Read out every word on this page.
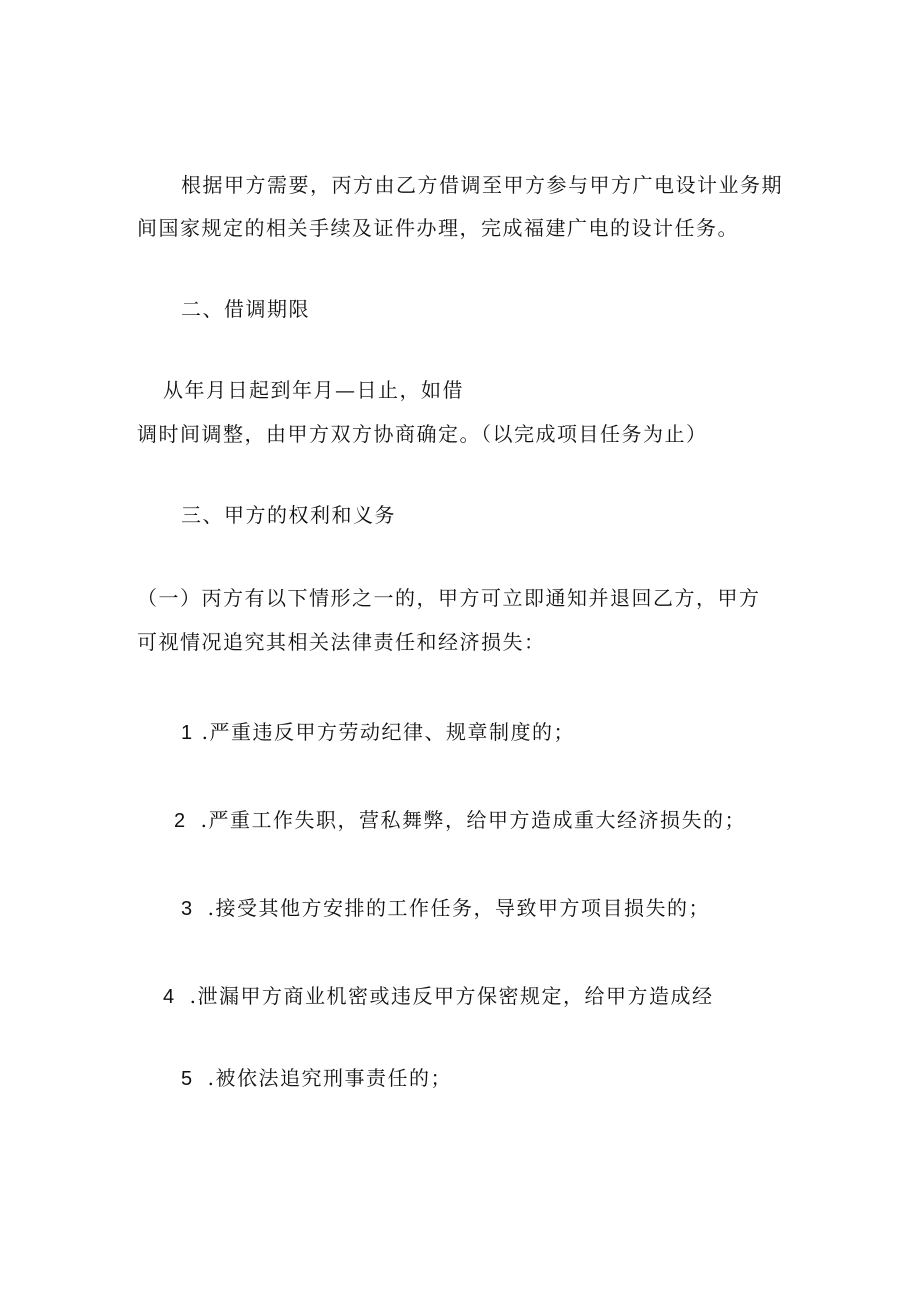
根据甲方需要，丙方由乙方借调至甲方参与甲方广电设计业务期
间国家规定的相关手续及证件办理，完成福建广电的设计任务。
二、借调期限
从年月日起到年月—日止，如借
调时间调整，由甲方双方协商确定。（以完成项目任务为止）
三、甲方的权利和义务
（一）丙方有以下情形之一的，甲方可立即通知并退回乙方，甲方
可视情况追究其相关法律责任和经济损失：
1 .严重违反甲方劳动纪律、规章制度的；
2 .严重工作失职，营私舞弊，给甲方造成重大经济损失的；
3 .接受其他方安排的工作任务，导致甲方项目损失的；
4 .泄漏甲方商业机密或违反甲方保密规定，给甲方造成经
5 .被依法追究刑事责任的；
